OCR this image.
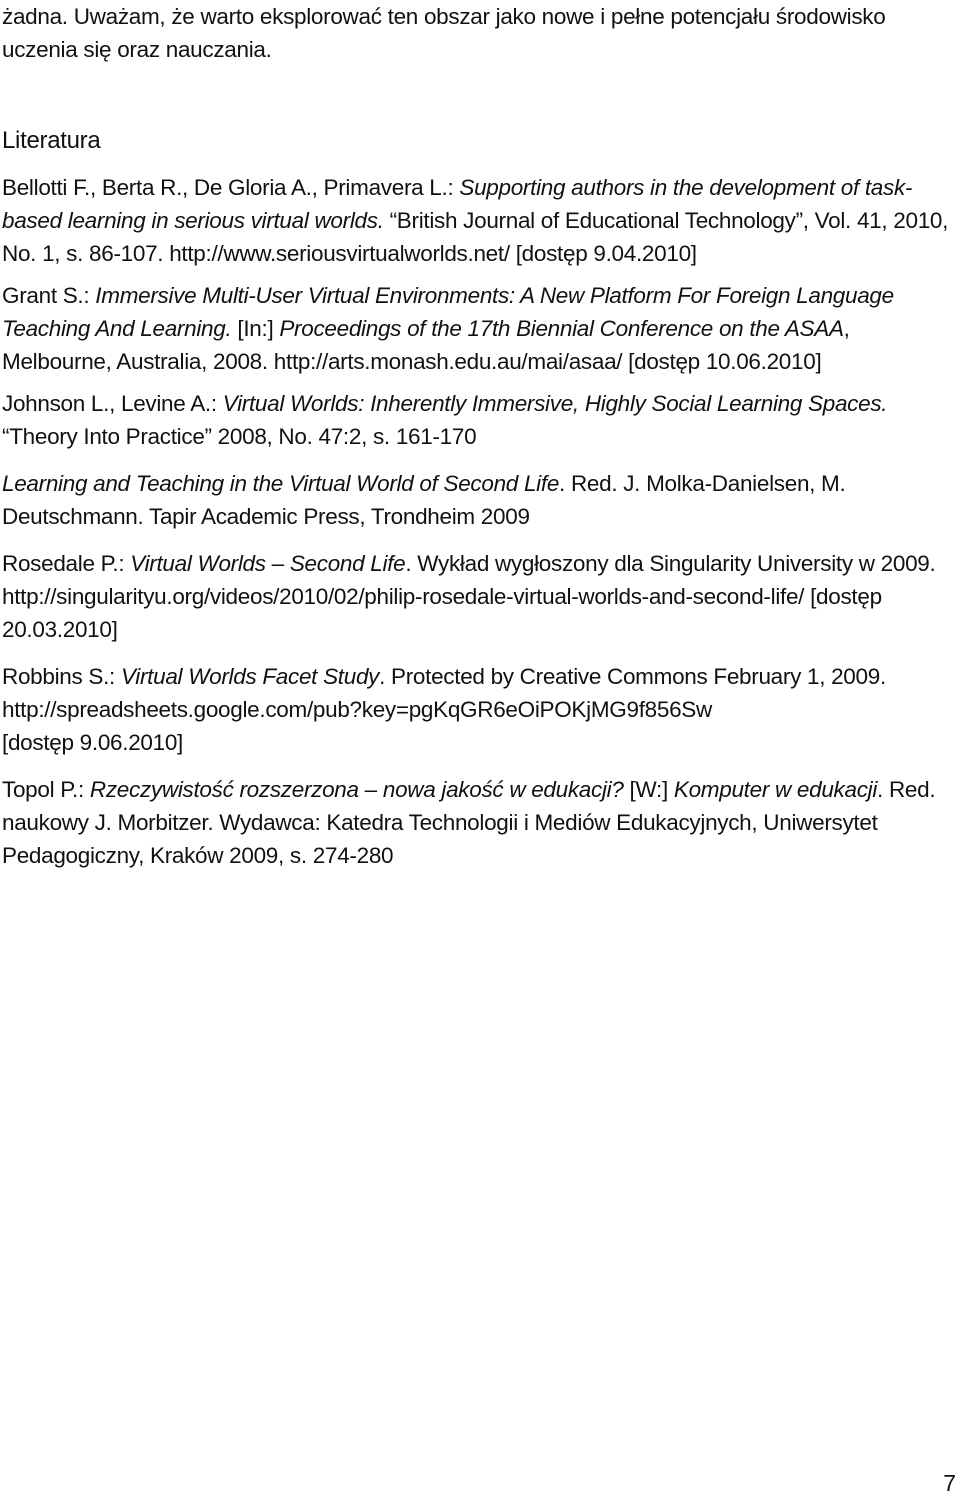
żadna. Uważam, że warto eksplorować ten obszar jako nowe i pełne potencjału środowisko uczenia się oraz nauczania.

Literatura

Bellotti F., Berta R., De Gloria A., Primavera L.: Supporting authors in the development of task-based learning in serious virtual worlds. “British Journal of Educational Technology”, Vol. 41, 2010, No. 1, s. 86-107. http://www.seriousvirtualworlds.net/ [dostęp 9.04.2010]

Grant S.: Immersive Multi-User Virtual Environments: A New Platform For Foreign Language Teaching And Learning. [In:] Proceedings of the 17th Biennial Conference on the ASAA, Melbourne, Australia, 2008. http://arts.monash.edu.au/mai/asaa/ [dostęp 10.06.2010]

Johnson L., Levine A.: Virtual Worlds: Inherently Immersive, Highly Social Learning Spaces. “Theory Into Practice” 2008, No. 47:2, s. 161-170

Learning and Teaching in the Virtual World of Second Life. Red. J. Molka-Danielsen, M. Deutschmann. Tapir Academic Press, Trondheim 2009

Rosedale P.: Virtual Worlds – Second Life. Wykład wygłoszony dla Singularity University w 2009. http://singularityu.org/videos/2010/02/philip-rosedale-virtual-worlds-and-second-life/ [dostęp 20.03.2010]

Robbins S.: Virtual Worlds Facet Study. Protected by Creative Commons February 1, 2009. http://spreadsheets.google.com/pub?key=pgKqGR6eOiPOKjMG9f856Sw
[dostęp 9.06.2010]

Topol P.: Rzeczywistość rozszerzona – nowa jakość w edukacji? [W:] Komputer w edukacji. Red. naukowy J. Morbitzer. Wydawca: Katedra Technologii i Mediów Edukacyjnych, Uniwersytet Pedagogiczny, Kraków 2009, s. 274-280

7
